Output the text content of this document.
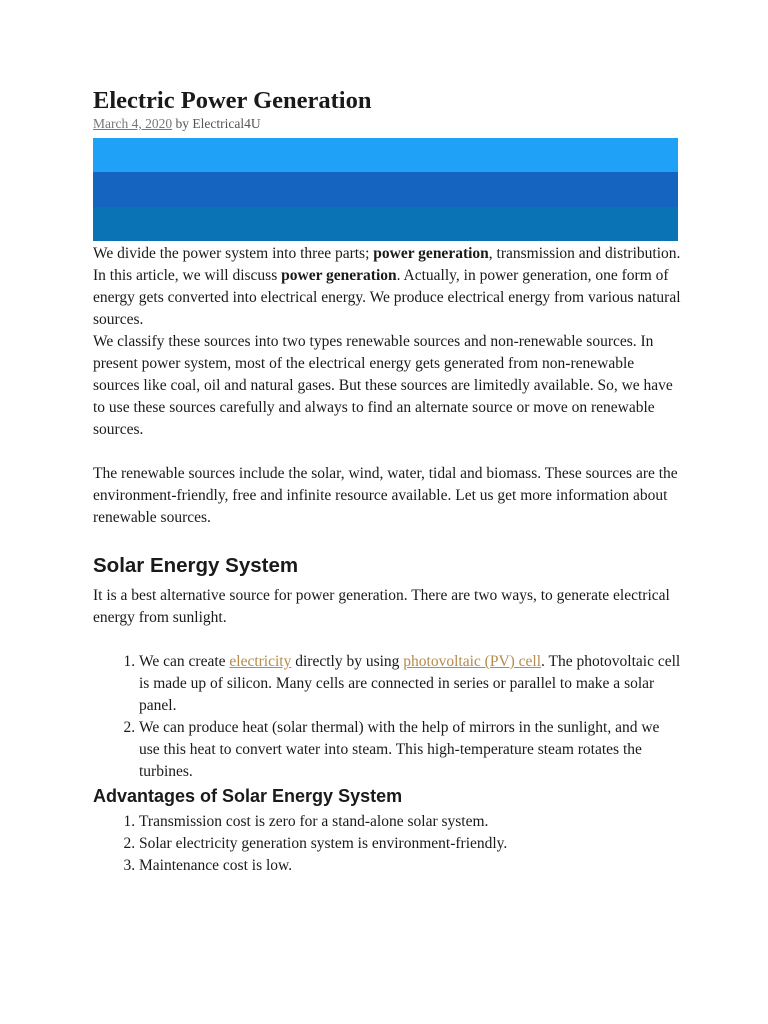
Electric Power Generation

March 4, 2020 by Electrical4U

We divide the power system into three parts; power generation, transmission and distribution. In this article, we will discuss power generation. Actually, in power generation, one form of energy gets converted into electrical energy. We produce electrical energy from various natural sources.

We classify these sources into two types renewable sources and non-renewable sources. In present power system, most of the electrical energy gets generated from non-renewable sources like coal, oil and natural gases. But these sources are limitedly available. So, we have to use these sources carefully and always to find an alternate source or move on renewable sources.

The renewable sources include the solar, wind, water, tidal and biomass. These sources are the environment-friendly, free and infinite resource available. Let us get more information about renewable sources.

Solar Energy System

It is a best alternative source for power generation. There are two ways, to generate electrical energy from sunlight.

1. We can create electricity directly by using photovoltaic (PV) cell. The photovoltaic cell is made up of silicon. Many cells are connected in series or parallel to make a solar panel.
2. We can produce heat (solar thermal) with the help of mirrors in the sunlight, and we use this heat to convert water into steam. This high-temperature steam rotates the turbines.
Advantages of Solar Energy System
1. Transmission cost is zero for a stand-alone solar system.
2. Solar electricity generation system is environment-friendly.
3. Maintenance cost is low.
